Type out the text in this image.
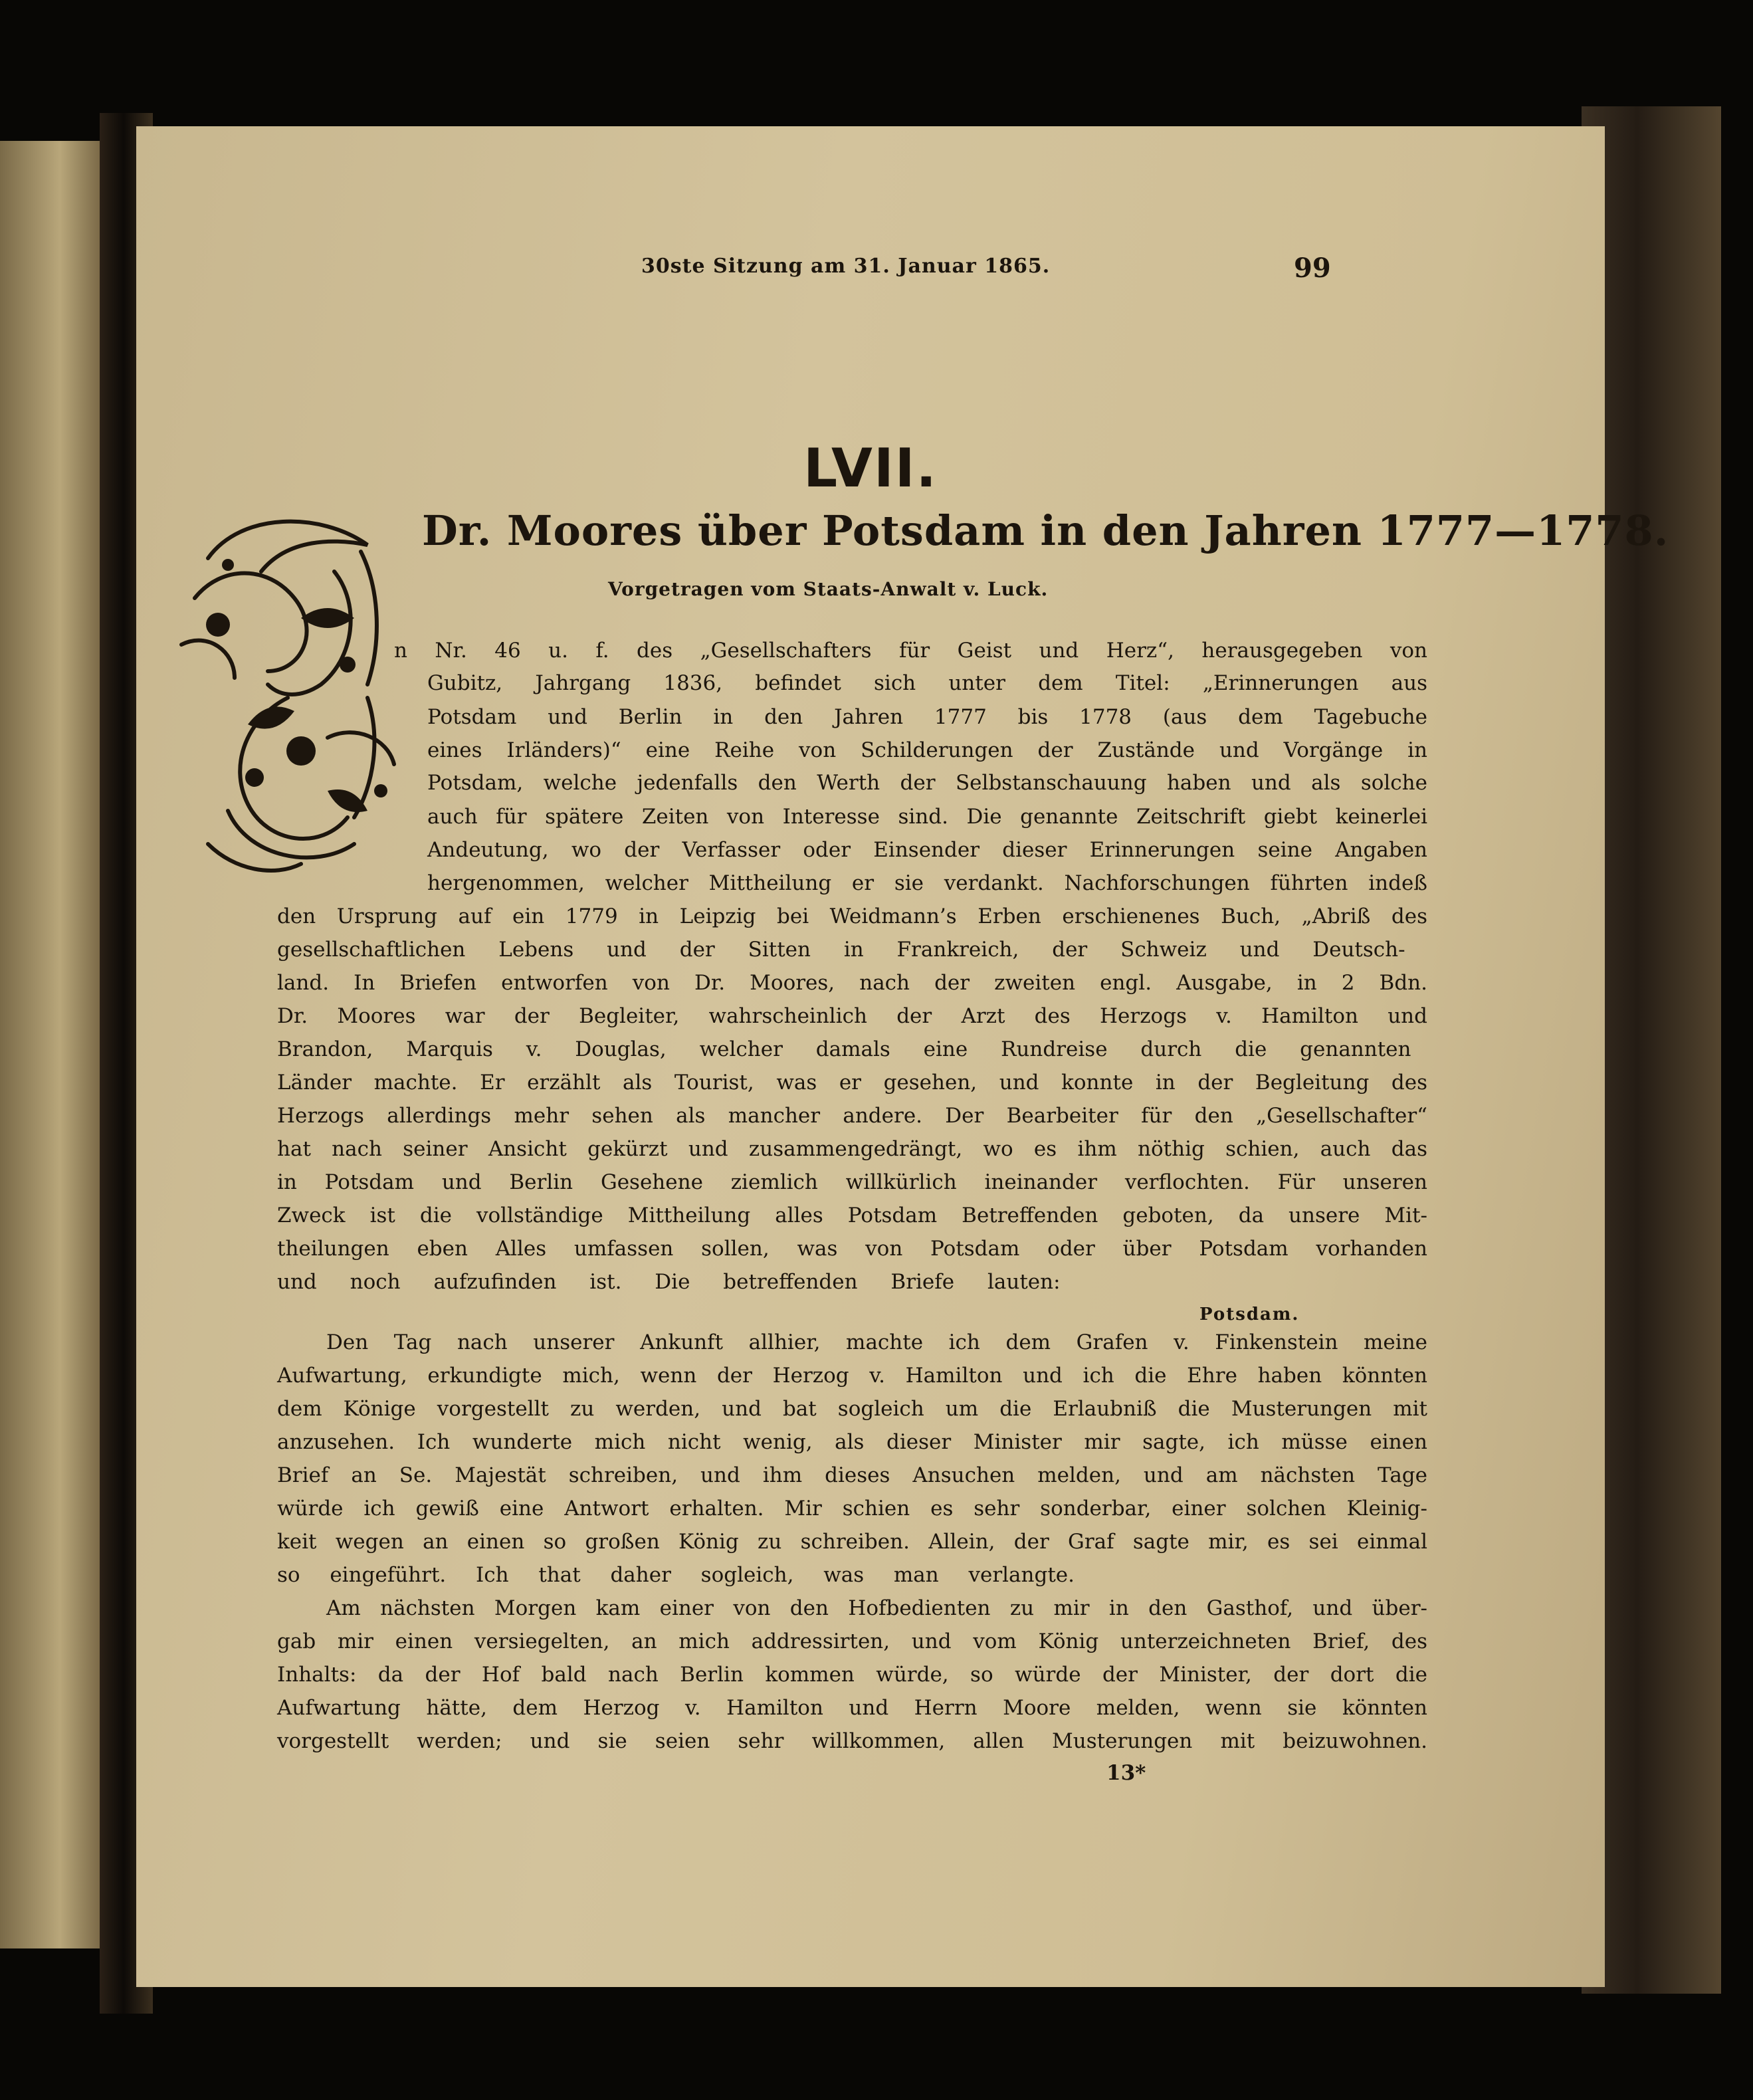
30ste Sitzung am 31. Januar 1865.	99
LVII.
Dr. Moores über Potsdam in den Jahren 1777—1778.
Vorgetragen vom Staats-Anwalt v. Luck.
n Nr. 46 u. f. des „Gesellschafters für Geist und Herz“, herausgegeben von
Gubitz, Jahrgang 1836, befindet sich unter dem Titel: „Erinnerungen aus
Potsdam und Berlin in den Jahren 1777 bis 1778 (aus dem Tagebuche
eines Irländers)“ eine Reihe von Schilderungen der Zustände und Vorgänge in
Potsdam, welche jedenfalls den Werth der Selbstanschauung haben und als solche
auch für spätere Zeiten von Interesse sind. Die genannte Zeitschrift giebt keinerlei
Andeutung, wo der Verfasser oder Einsender dieser Erinnerungen seine Angaben
hergenommen, welcher Mittheilung er sie verdankt. Nachforschungen führten indeß
den Ursprung auf ein 1779 in Leipzig bei Weidmann’s Erben erschienenes Buch, „Abriß des
gesellschaftlichen Lebens und der Sitten in Frankreich, der Schweiz und Deutsch-
land. In Briefen entworfen von Dr. Moores, nach der zweiten engl. Ausgabe, in 2 Bdn.
Dr. Moores war der Begleiter, wahrscheinlich der Arzt des Herzogs v. Hamilton und
Brandon, Marquis v. Douglas, welcher damals eine Rundreise durch die genannten
Länder machte. Er erzählt als Tourist, was er gesehen, und konnte in der Begleitung des
Herzogs allerdings mehr sehen als mancher andere. Der Bearbeiter für den „Gesellschafter“
hat nach seiner Ansicht gekürzt und zusammengedrängt, wo es ihm nöthig schien, auch das
in Potsdam und Berlin Gesehene ziemlich willkürlich ineinander verflochten. Für unseren
Zweck ist die vollständige Mittheilung alles Potsdam Betreffenden geboten, da unsere Mit-
theilungen eben Alles umfassen sollen, was von Potsdam oder über Potsdam vorhanden
und noch aufzufinden ist. Die betreffenden Briefe lauten:
Potsdam.
Den Tag nach unserer Ankunft allhier, machte ich dem Grafen v. Finkenstein meine
Aufwartung, erkundigte mich, wenn der Herzog v. Hamilton und ich die Ehre haben könnten
dem Könige vorgestellt zu werden, und bat sogleich um die Erlaubniß die Musterungen mit
anzusehen. Ich wunderte mich nicht wenig, als dieser Minister mir sagte, ich müsse einen
Brief an Se. Majestät schreiben, und ihm dieses Ansuchen melden, und am nächsten Tage
würde ich gewiß eine Antwort erhalten. Mir schien es sehr sonderbar, einer solchen Kleinig-
keit wegen an einen so großen König zu schreiben. Allein, der Graf sagte mir, es sei einmal
so eingeführt. Ich that daher sogleich, was man verlangte.
Am nächsten Morgen kam einer von den Hofbedienten zu mir in den Gasthof, und über-
gab mir einen versiegelten, an mich addressirten, und vom König unterzeichneten Brief, des
Inhalts: da der Hof bald nach Berlin kommen würde, so würde der Minister, der dort die
Aufwartung hätte, dem Herzog v. Hamilton und Herrn Moore melden, wenn sie könnten
vorgestellt werden; und sie seien sehr willkommen, allen Musterungen mit beizuwohnen.
13*
